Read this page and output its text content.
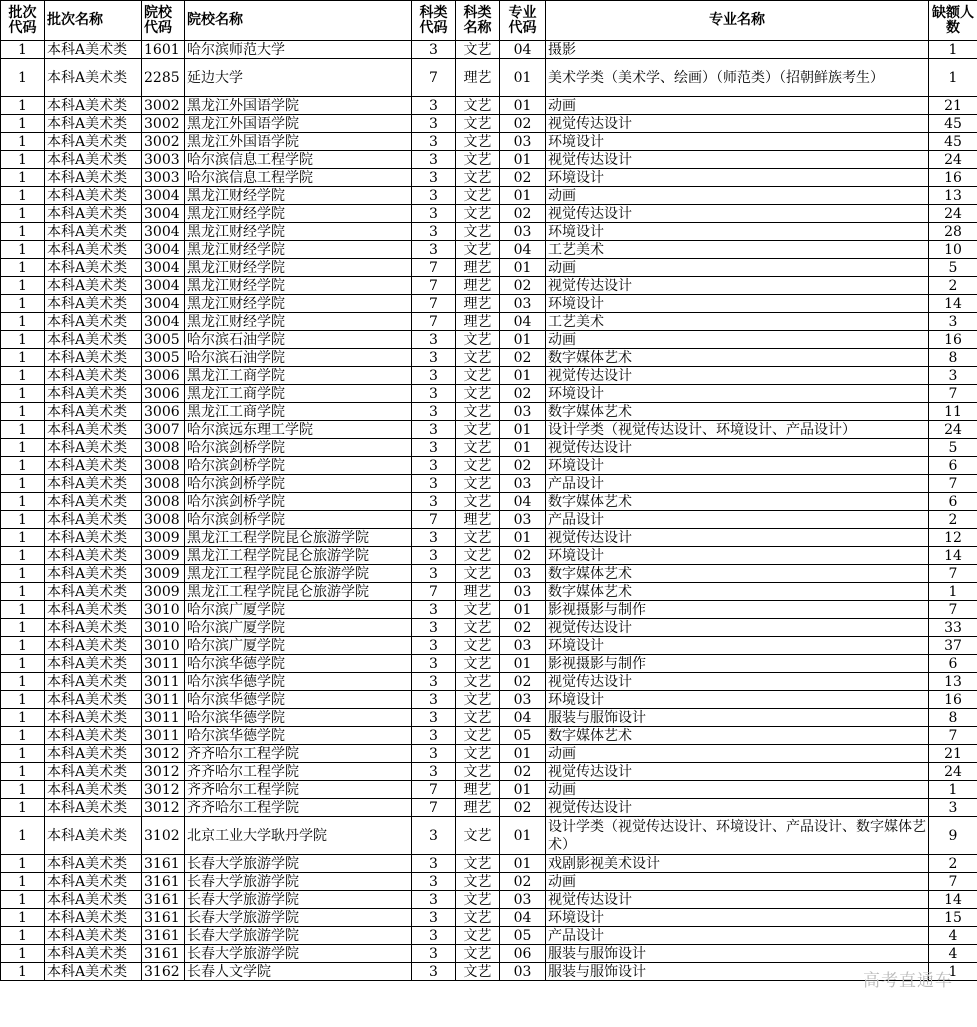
批次代码	批次名称	院校代码	院校名称	科类代码	科类名称	专业代码	专业名称	缺额人数
1	本科A美术类	1601	哈尔滨师范大学	3	文艺	04	摄影	1
1	本科A美术类	2285	延边大学	7	理艺	01	美术学类（美术学、绘画）（师范类）（招朝鲜族考生）	1
1	本科A美术类	3002	黑龙江外国语学院	3	文艺	01	动画	21
1	本科A美术类	3002	黑龙江外国语学院	3	文艺	02	视觉传达设计	45
1	本科A美术类	3002	黑龙江外国语学院	3	文艺	03	环境设计	45
1	本科A美术类	3003	哈尔滨信息工程学院	3	文艺	01	视觉传达设计	24
1	本科A美术类	3003	哈尔滨信息工程学院	3	文艺	02	环境设计	16
1	本科A美术类	3004	黑龙江财经学院	3	文艺	01	动画	13
1	本科A美术类	3004	黑龙江财经学院	3	文艺	02	视觉传达设计	24
1	本科A美术类	3004	黑龙江财经学院	3	文艺	03	环境设计	28
1	本科A美术类	3004	黑龙江财经学院	3	文艺	04	工艺美术	10
1	本科A美术类	3004	黑龙江财经学院	7	理艺	01	动画	5
1	本科A美术类	3004	黑龙江财经学院	7	理艺	02	视觉传达设计	2
1	本科A美术类	3004	黑龙江财经学院	7	理艺	03	环境设计	14
1	本科A美术类	3004	黑龙江财经学院	7	理艺	04	工艺美术	3
1	本科A美术类	3005	哈尔滨石油学院	3	文艺	01	动画	16
1	本科A美术类	3005	哈尔滨石油学院	3	文艺	02	数字媒体艺术	8
1	本科A美术类	3006	黑龙江工商学院	3	文艺	01	视觉传达设计	3
1	本科A美术类	3006	黑龙江工商学院	3	文艺	02	环境设计	7
1	本科A美术类	3006	黑龙江工商学院	3	文艺	03	数字媒体艺术	11
1	本科A美术类	3007	哈尔滨远东理工学院	3	文艺	01	设计学类（视觉传达设计、环境设计、产品设计）	24
1	本科A美术类	3008	哈尔滨剑桥学院	3	文艺	01	视觉传达设计	5
1	本科A美术类	3008	哈尔滨剑桥学院	3	文艺	02	环境设计	6
1	本科A美术类	3008	哈尔滨剑桥学院	3	文艺	03	产品设计	7
1	本科A美术类	3008	哈尔滨剑桥学院	3	文艺	04	数字媒体艺术	6
1	本科A美术类	3008	哈尔滨剑桥学院	7	理艺	03	产品设计	2
1	本科A美术类	3009	黑龙江工程学院昆仑旅游学院	3	文艺	01	视觉传达设计	12
1	本科A美术类	3009	黑龙江工程学院昆仑旅游学院	3	文艺	02	环境设计	14
1	本科A美术类	3009	黑龙江工程学院昆仑旅游学院	3	文艺	03	数字媒体艺术	7
1	本科A美术类	3009	黑龙江工程学院昆仑旅游学院	7	理艺	03	数字媒体艺术	1
1	本科A美术类	3010	哈尔滨广厦学院	3	文艺	01	影视摄影与制作	7
1	本科A美术类	3010	哈尔滨广厦学院	3	文艺	02	视觉传达设计	33
1	本科A美术类	3010	哈尔滨广厦学院	3	文艺	03	环境设计	37
1	本科A美术类	3011	哈尔滨华德学院	3	文艺	01	影视摄影与制作	6
1	本科A美术类	3011	哈尔滨华德学院	3	文艺	02	视觉传达设计	13
1	本科A美术类	3011	哈尔滨华德学院	3	文艺	03	环境设计	16
1	本科A美术类	3011	哈尔滨华德学院	3	文艺	04	服装与服饰设计	8
1	本科A美术类	3011	哈尔滨华德学院	3	文艺	05	数字媒体艺术	7
1	本科A美术类	3012	齐齐哈尔工程学院	3	文艺	01	动画	21
1	本科A美术类	3012	齐齐哈尔工程学院	3	文艺	02	视觉传达设计	24
1	本科A美术类	3012	齐齐哈尔工程学院	7	理艺	01	动画	1
1	本科A美术类	3012	齐齐哈尔工程学院	7	理艺	02	视觉传达设计	3
1	本科A美术类	3102	北京工业大学耿丹学院	3	文艺	01	设计学类（视觉传达设计、环境设计、产品设计、数字媒体艺术）	9
1	本科A美术类	3161	长春大学旅游学院	3	文艺	01	戏剧影视美术设计	2
1	本科A美术类	3161	长春大学旅游学院	3	文艺	02	动画	7
1	本科A美术类	3161	长春大学旅游学院	3	文艺	03	视觉传达设计	14
1	本科A美术类	3161	长春大学旅游学院	3	文艺	04	环境设计	15
1	本科A美术类	3161	长春大学旅游学院	3	文艺	05	产品设计	4
1	本科A美术类	3161	长春大学旅游学院	3	文艺	06	服装与服饰设计	4
1	本科A美术类	3162	长春人文学院	3	文艺	03	服装与服饰设计	1
高考直通车
